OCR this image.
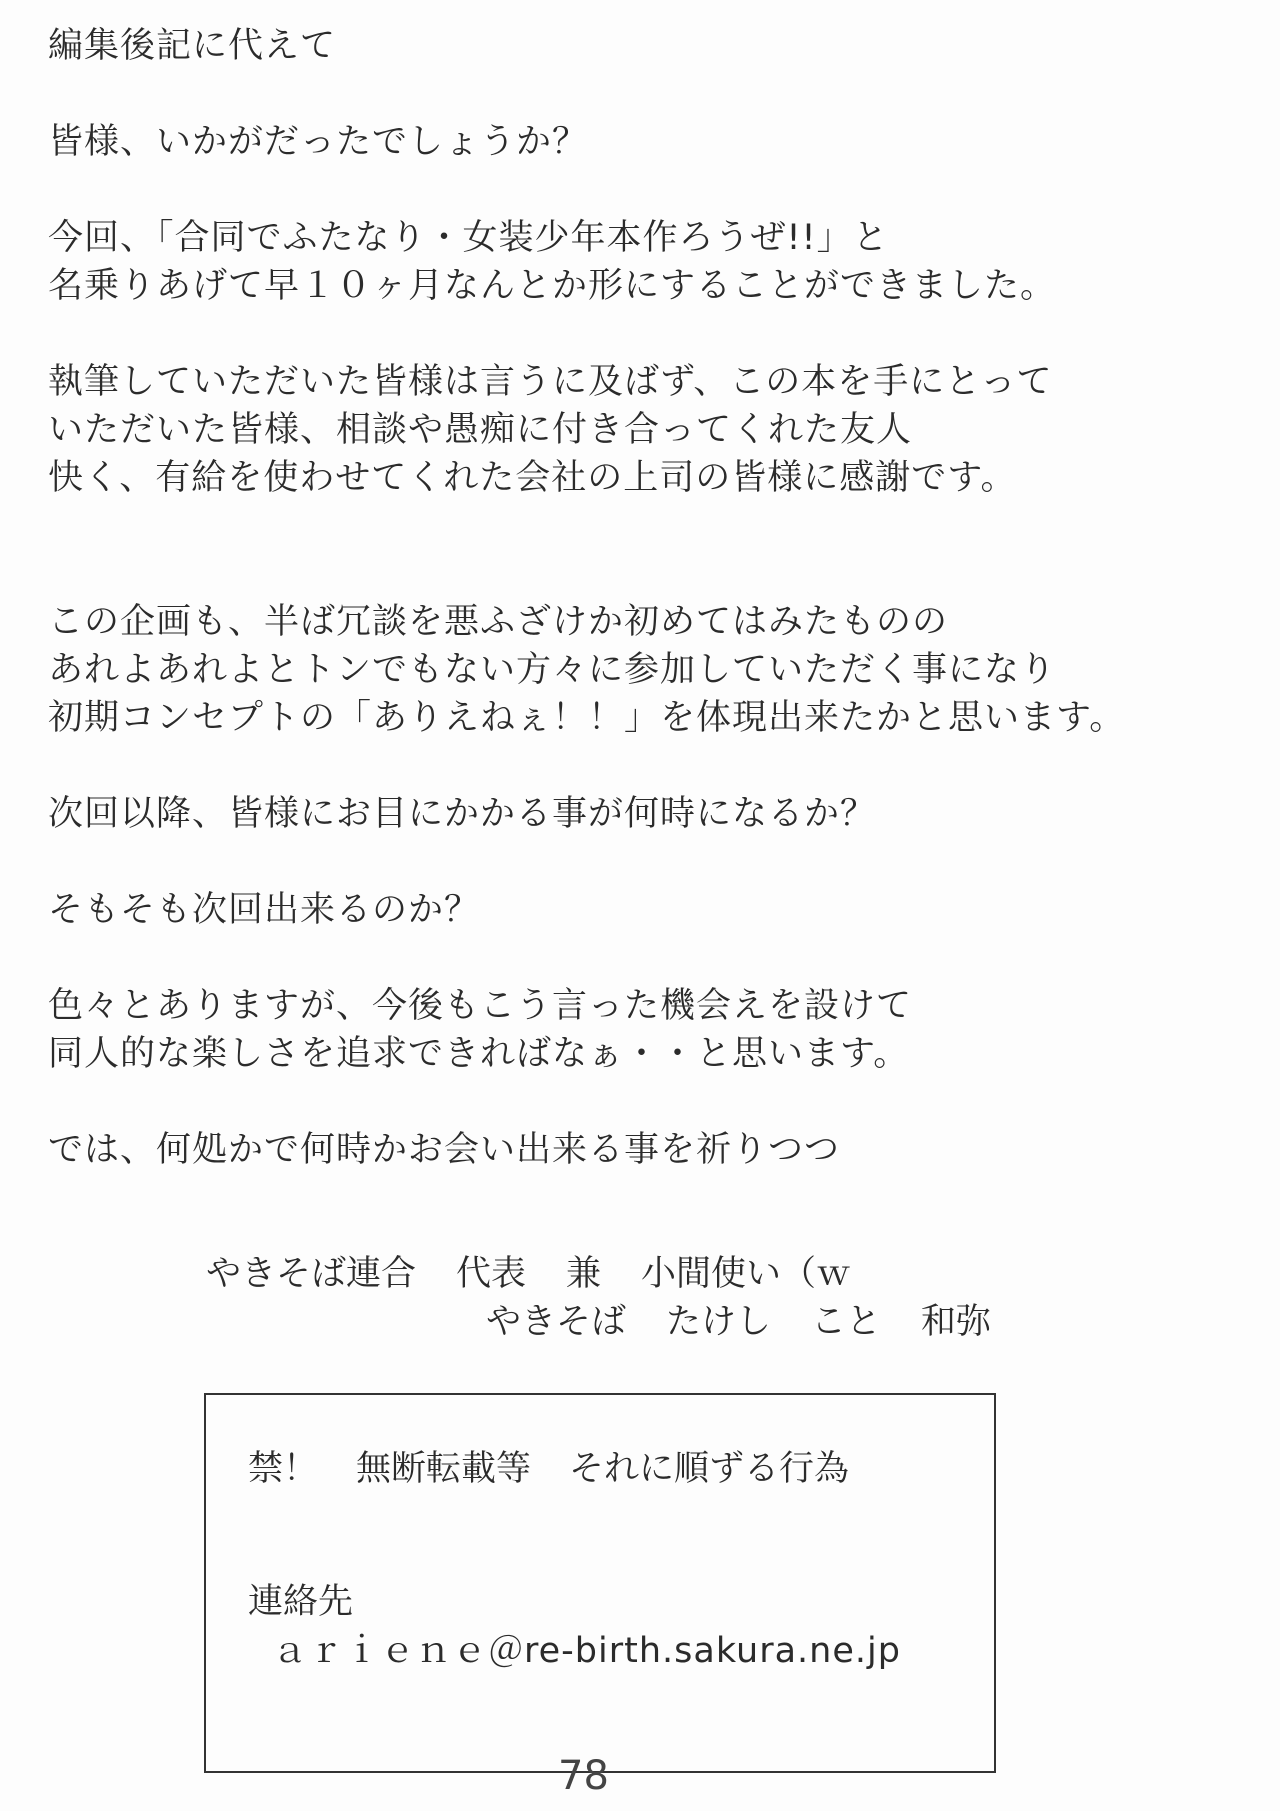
編集後記に代えて
皆様、いかがだったでしょうか？
今回、「合同でふたなり・女装少年本作ろうぜ!!」と
名乗りあげて早１０ヶ月なんとか形にすることができました。
執筆していただいた皆様は言うに及ばず、この本を手にとって
いただいた皆様、相談や愚痴に付き合ってくれた友人
快く、有給を使わせてくれた会社の上司の皆様に感謝です。
この企画も、半ば冗談を悪ふざけか初めてはみたものの
あれよあれよとトンでもない方々に参加していただく事になり
初期コンセプトの「ありえねぇ！！」を体現出来たかと思います。
次回以降、皆様にお目にかかる事が何時になるか？
そもそも次回出来るのか？
色々とありますが、今後もこう言った機会えを設けて
同人的な楽しさを追求できればなぁ・・と思います。
では、何処かで何時かお会い出来る事を祈りつつ
やきそば連合 代表 兼 小間使い（ｗ
やきそば たけし こと 和弥
禁！ 無断転載等 それに順ずる行為
連絡先
ａｒｉｅｎｅ＠re-birth.sakura.ne.jp
78
